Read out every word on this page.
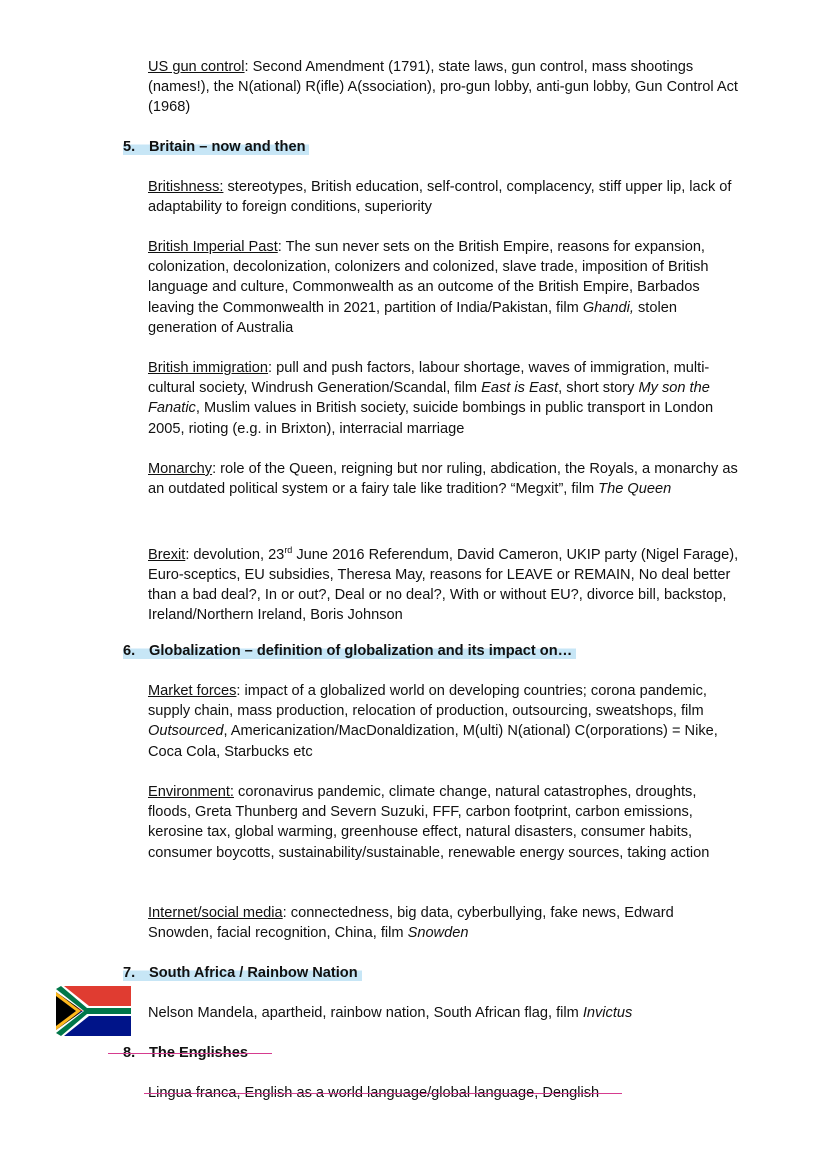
US gun control: Second Amendment (1791), state laws, gun control, mass shootings (names!), the N(ational) R(ifle) A(ssociation), pro-gun lobby, anti-gun lobby, Gun Control Act (1968)

5. Britain – now and then

Britishness: stereotypes, British education, self-control, complacency, stiff upper lip, lack of adaptability to foreign conditions, superiority

British Imperial Past: The sun never sets on the British Empire, reasons for expansion, colonization, decolonization, colonizers and colonized, slave trade, imposition of British language and culture, Commonwealth as an outcome of the British Empire, Barbados leaving the Commonwealth in 2021, partition of India/Pakistan, film Ghandi, stolen generation of Australia

British immigration: pull and push factors, labour shortage, waves of immigration, multi-cultural society, Windrush Generation/Scandal, film East is East, short story My son the Fanatic, Muslim values in British society, suicide bombings in public transport in London 2005, rioting (e.g. in Brixton), interracial marriage

Monarchy: role of the Queen, reigning but nor ruling, abdication, the Royals, a monarchy as an outdated political system or a fairy tale like tradition? “Megxit”, film The Queen

Brexit: devolution, 23rd June 2016 Referendum, David Cameron, UKIP party (Nigel Farage), Euro-sceptics, EU subsidies, Theresa May, reasons for LEAVE or REMAIN, No deal better than a bad deal?, In or out?, Deal or no deal?, With or without EU?, divorce bill, backstop, Ireland/Northern Ireland, Boris Johnson

6. Globalization – definition of globalization and its impact on…

Market forces: impact of a globalized world on developing countries; corona pandemic, supply chain, mass production, relocation of production, outsourcing, sweatshops, film Outsourced, Americanization/MacDonaldization, M(ulti) N(ational) C(orporations) = Nike, Coca Cola, Starbucks etc

Environment: coronavirus pandemic, climate change, natural catastrophes, droughts, floods, Greta Thunberg and Severn Suzuki, FFF, carbon footprint, carbon emissions, kerosine tax, global warming, greenhouse effect, natural disasters, consumer habits, consumer boycotts, sustainability/sustainable, renewable energy sources, taking action

Internet/social media: connectedness, big data, cyberbullying, fake news, Edward Snowden, facial recognition, China, film Snowden

7. South Africa / Rainbow Nation

Nelson Mandela, apartheid, rainbow nation, South African flag, film Invictus

8. The Englishes

Lingua franca, English as a world language/global language, Denglish
